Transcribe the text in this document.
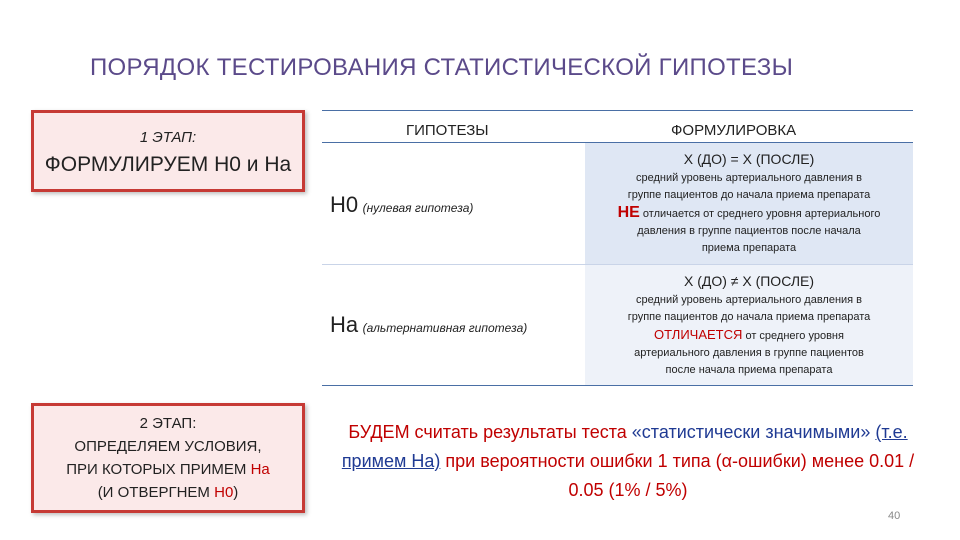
ПОРЯДОК ТЕСТИРОВАНИЯ СТАТИСТИЧЕСКОЙ ГИПОТЕЗЫ
1 ЭТАП:
ФОРМУЛИРУЕМ Н0 и На
2 ЭТАП:
ОПРЕДЕЛЯЕМ УСЛОВИЯ,
ПРИ КОТОРЫХ ПРИМЕМ На
(И ОТВЕРГНЕМ Н0)
ГИПОТЕЗЫ	ФОРМУЛИРОВКА
Н0 (нулевая гипотеза)
X (ДО) = X (ПОСЛЕ)
средний уровень артериального давления в
группе пациентов до начала приема препарата
НЕ отличается от среднего уровня артериального
давления в группе пациентов после начала
приема препарата
На (альтернативная гипотеза)
X (ДО) ≠ X (ПОСЛЕ)
средний уровень артериального давления в
группе пациентов до начала приема препарата
ОТЛИЧАЕТСЯ от среднего уровня
артериального давления в группе пациентов
после начала приема препарата
БУДЕМ считать результаты теста «статистически значимыми» (т.е. примем На) при вероятности ошибки 1 типа (α-ошибки) менее 0.01 / 0.05 (1% / 5%)
40
